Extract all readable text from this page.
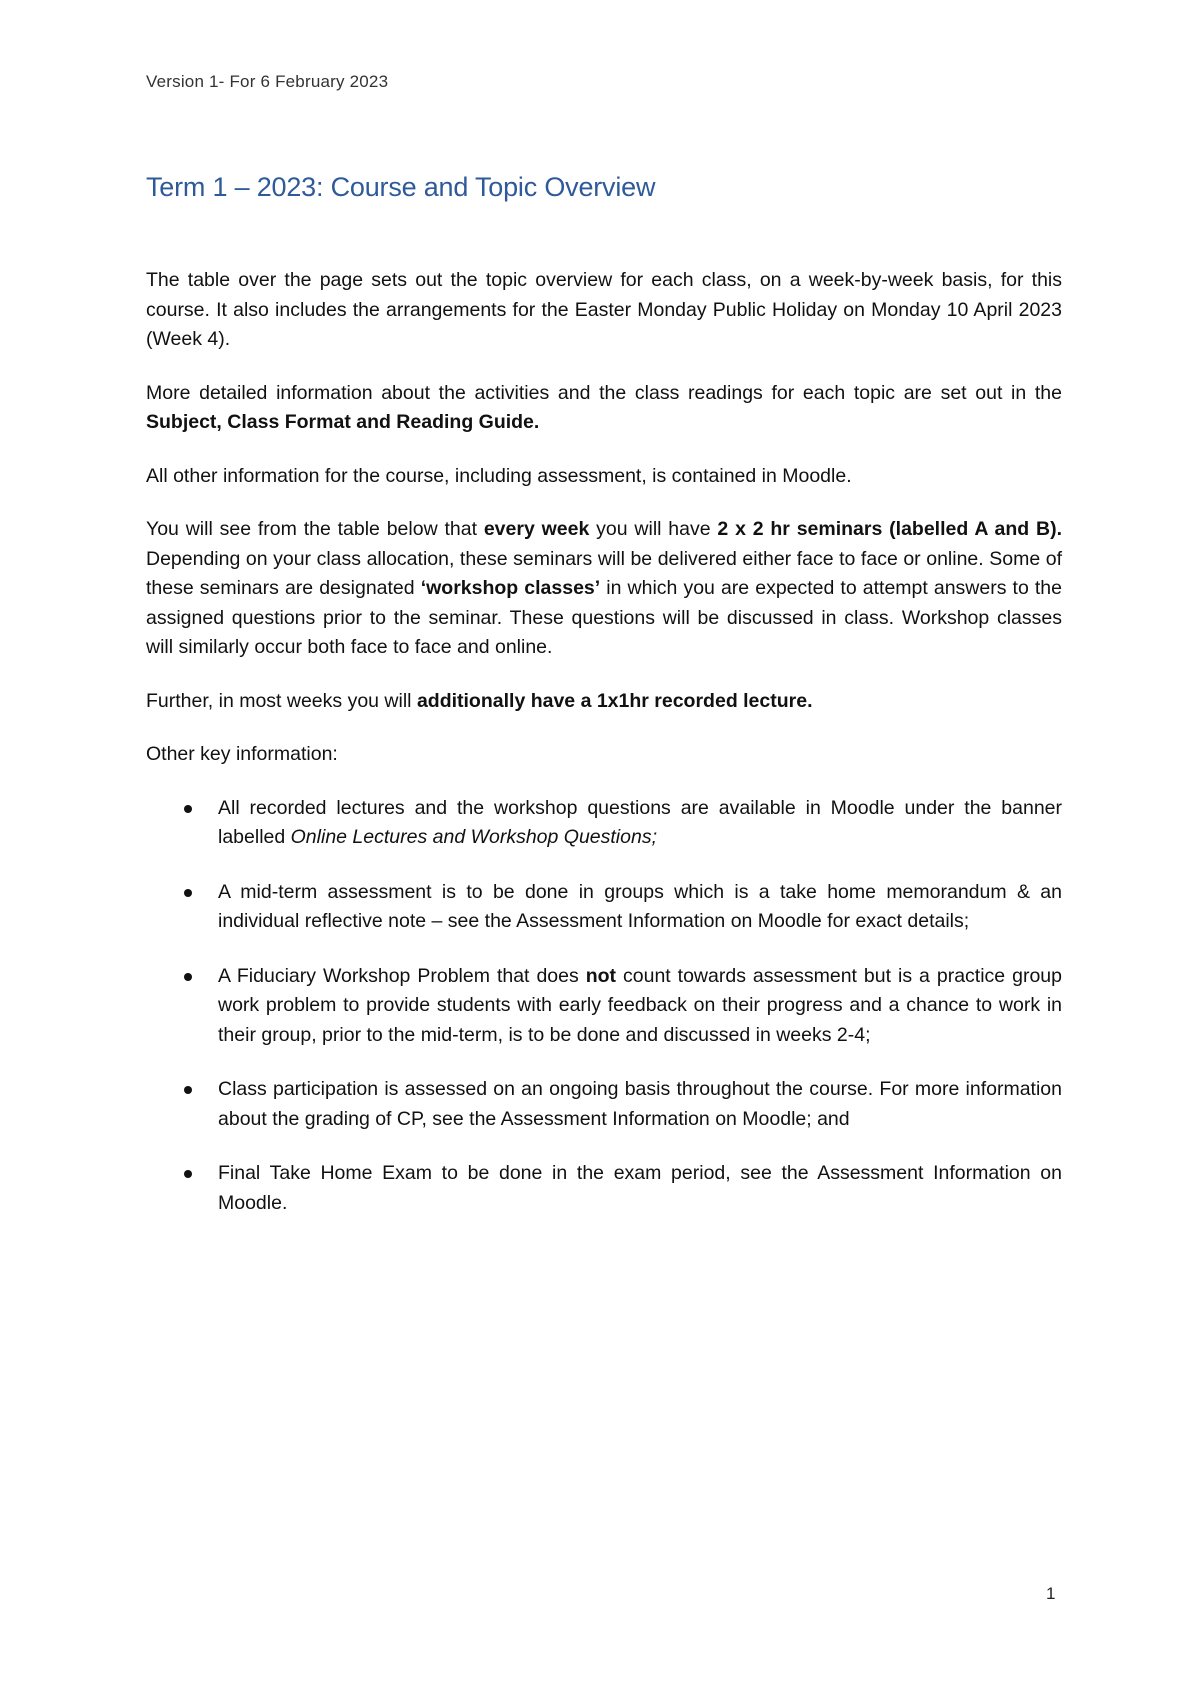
Version 1- For 6 February 2023
Term 1 – 2023: Course and Topic Overview

The table over the page sets out the topic overview for each class, on a week-by-week basis, for this course. It also includes the arrangements for the Easter Monday Public Holiday on Monday 10 April 2023 (Week 4).

More detailed information about the activities and the class readings for each topic are set out in the Subject, Class Format and Reading Guide.

All other information for the course, including assessment, is contained in Moodle.

You will see from the table below that every week you will have 2 x 2 hr seminars (labelled A and B). Depending on your class allocation, these seminars will be delivered either face to face or online. Some of these seminars are designated ‘workshop classes’ in which you are expected to attempt answers to the assigned questions prior to the seminar. These questions will be discussed in class. Workshop classes will similarly occur both face to face and online.

Further, in most weeks you will additionally have a 1x1hr recorded lecture.

Other key information:

All recorded lectures and the workshop questions are available in Moodle under the banner labelled Online Lectures and Workshop Questions;
A mid-term assessment is to be done in groups which is a take home memorandum & an individual reflective note – see the Assessment Information on Moodle for exact details;
A Fiduciary Workshop Problem that does not count towards assessment but is a practice group work problem to provide students with early feedback on their progress and a chance to work in their group, prior to the mid-term, is to be done and discussed in weeks 2-4;
Class participation is assessed on an ongoing basis throughout the course. For more information about the grading of CP, see the Assessment Information on Moodle; and
Final Take Home Exam to be done in the exam period, see the Assessment Information on Moodle.
1
